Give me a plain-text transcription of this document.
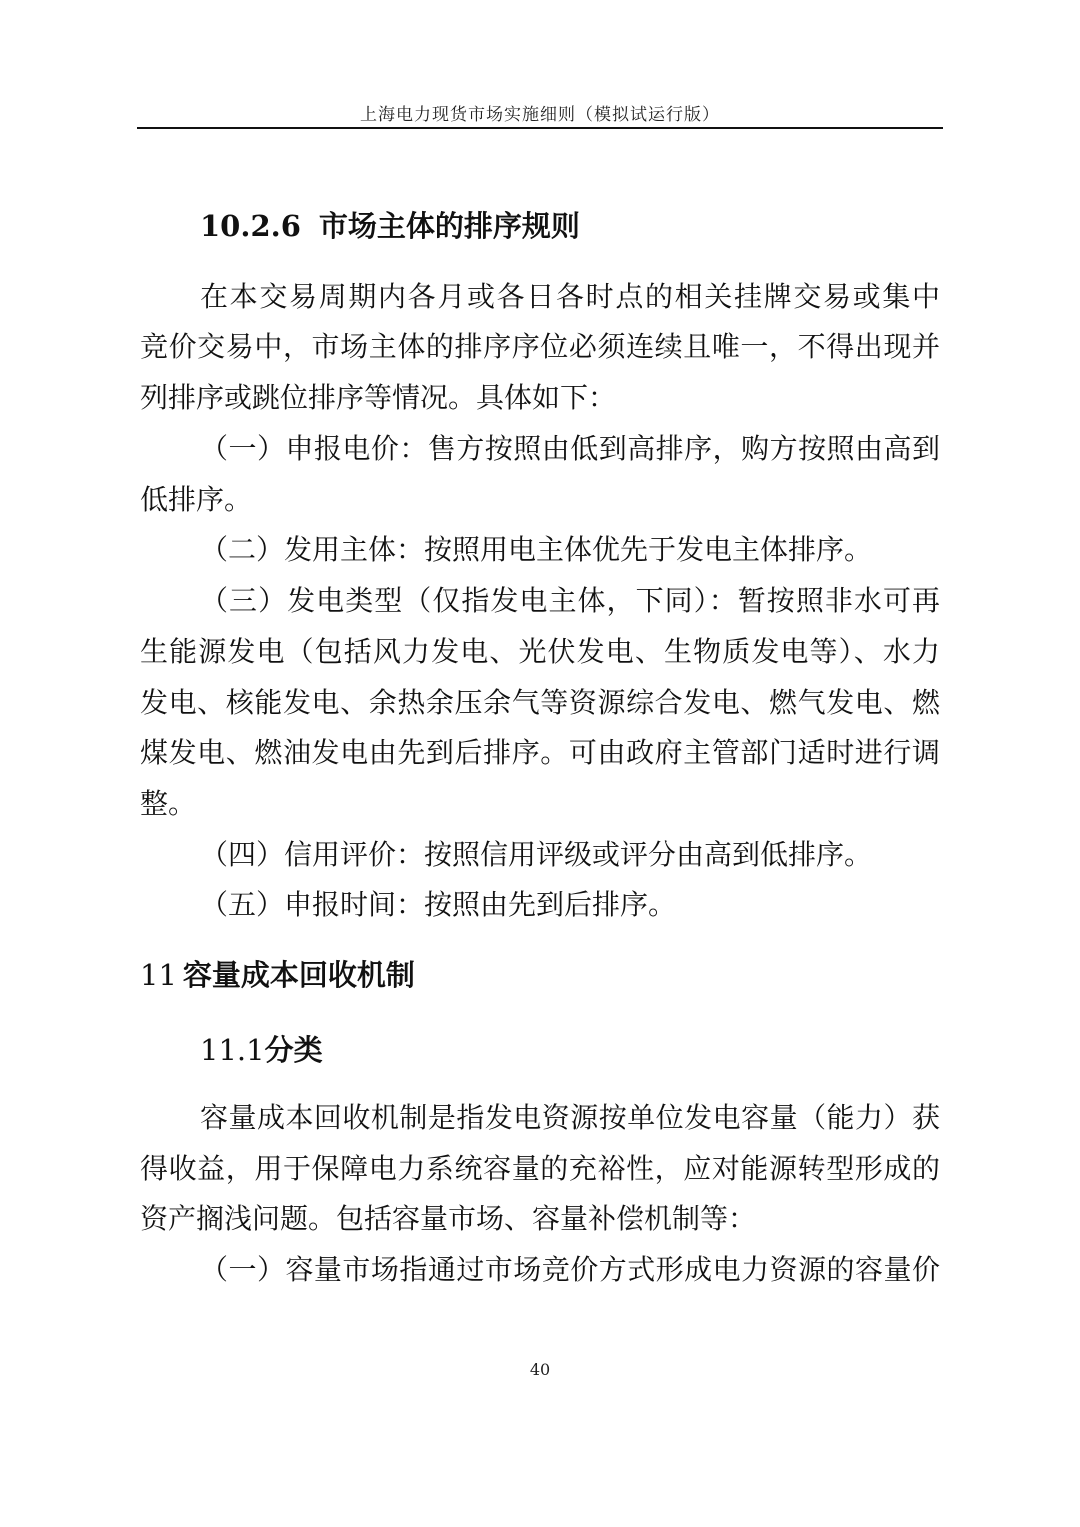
上海电力现货市场实施细则（模拟试运行版）
10.2.6 市场主体的排序规则
在本交易周期内各月或各日各时点的相关挂牌交易或集中
竞价交易中，市场主体的排序序位必须连续且唯一，不得出现并
列排序或跳位排序等情况。具体如下：
（一）申报电价：售方按照由低到高排序，购方按照由高到
低排序。
（二）发用主体：按照用电主体优先于发电主体排序。
（三）发电类型（仅指发电主体，下同）：暂按照非水可再
生能源发电（包括风力发电、光伏发电、生物质发电等）、水力
发电、核能发电、余热余压余气等资源综合发电、燃气发电、燃
煤发电、燃油发电由先到后排序。可由政府主管部门适时进行调
整。
（四）信用评价：按照信用评级或评分由高到低排序。
（五）申报时间：按照由先到后排序。
11 容量成本回收机制
11.1分类
容量成本回收机制是指发电资源按单位发电容量（能力）获
得收益，用于保障电力系统容量的充裕性，应对能源转型形成的
资产搁浅问题。包括容量市场、容量补偿机制等：
（一）容量市场指通过市场竞价方式形成电力资源的容量价
40
